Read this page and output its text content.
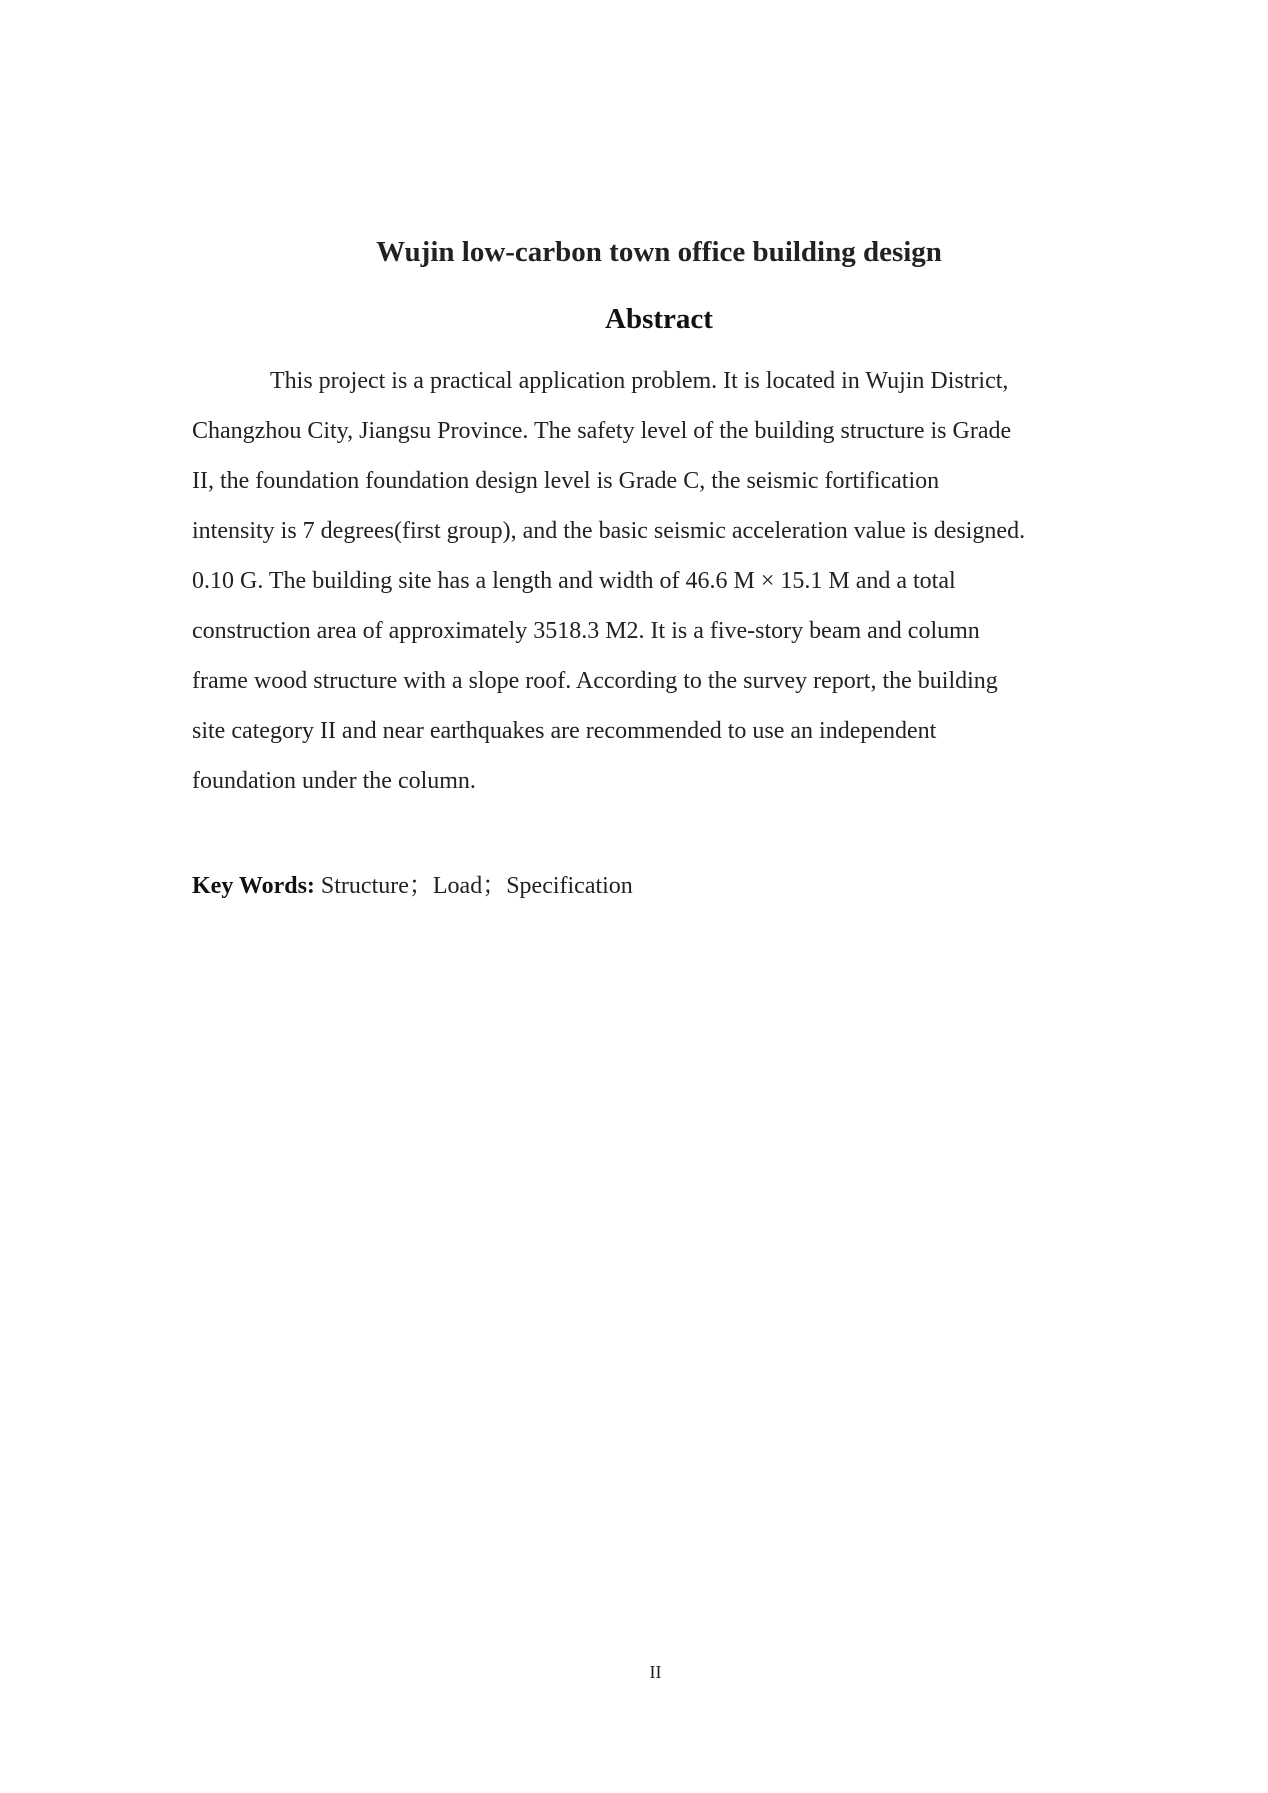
Wujin low-carbon town office building design
Abstract

This project is a practical application problem. It is located in Wujin District,
Changzhou City, Jiangsu Province. The safety level of the building structure is Grade
II, the foundation foundation design level is Grade C, the seismic fortification
intensity is 7 degrees(first group), and the basic seismic acceleration value is designed.
0.10 G. The building site has a length and width of 46.6 M × 15.1 M and a total
construction area of approximately 3518.3 M2. It is a five-story beam and column
frame wood structure with a slope roof. According to the survey report, the building
site category II and near earthquakes are recommended to use an independent
foundation under the column.

Key Words: Structure；Load；Specification

II
